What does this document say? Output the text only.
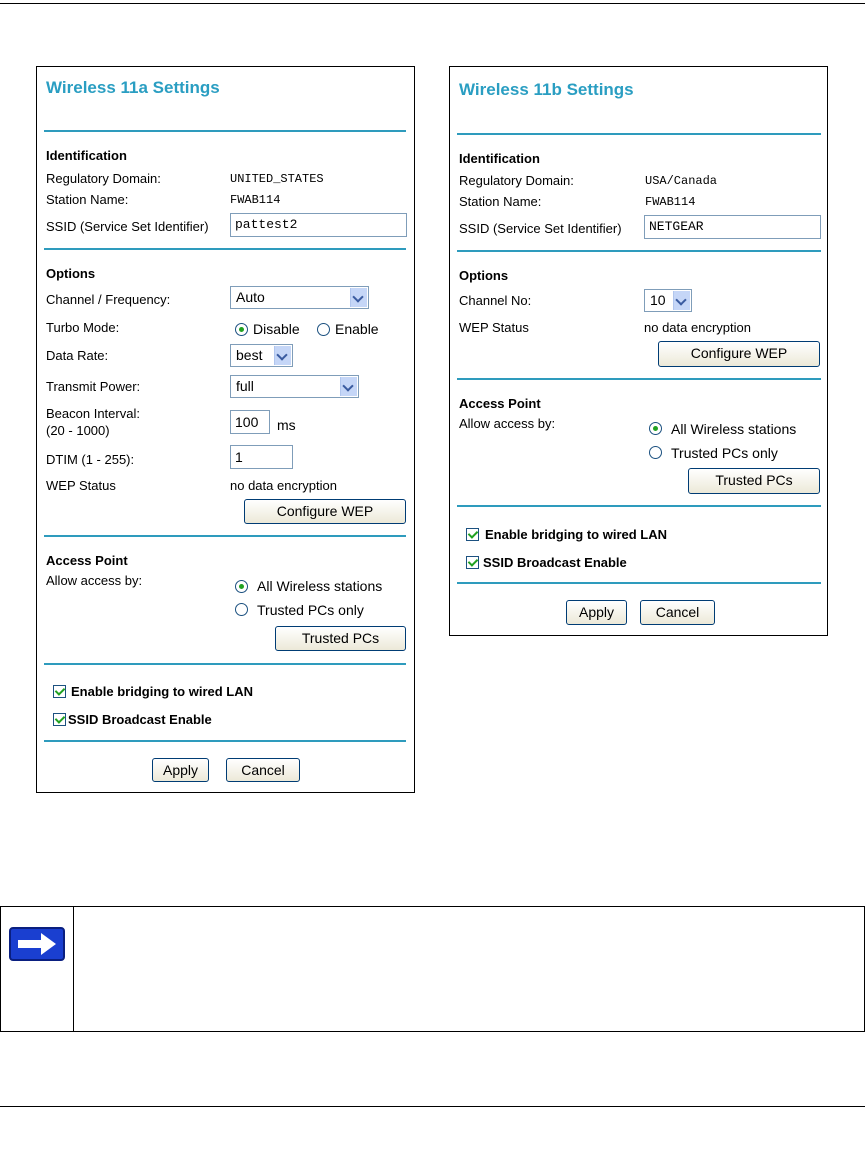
Wireless 11a Settings
Identification
Regulatory Domain:	UNITED_STATES
Station Name:	FWAB114
SSID (Service Set Identifier)	pattest2
Options
Channel / Frequency:	Auto
Turbo Mode:	Disable	Enable
Data Rate:	best
Transmit Power:	full
Beacon Interval:
(20 - 1000)
100	ms
DTIM (1 - 255):	1
WEP Status	no data encryption
Configure WEP
Access Point
Allow access by:	All Wireless stations
Trusted PCs only
Trusted PCs
Enable bridging to wired LAN
SSID Broadcast Enable
Apply	Cancel
Wireless 11b Settings
Identification
Regulatory Domain:	USA/Canada
Station Name:	FWAB114
SSID (Service Set Identifier)	NETGEAR
Options
Channel No:	10
WEP Status	no data encryption
Configure WEP
Access Point
Allow access by:	All Wireless stations
Trusted PCs only
Trusted PCs
Enable bridging to wired LAN
SSID Broadcast Enable
Apply	Cancel
